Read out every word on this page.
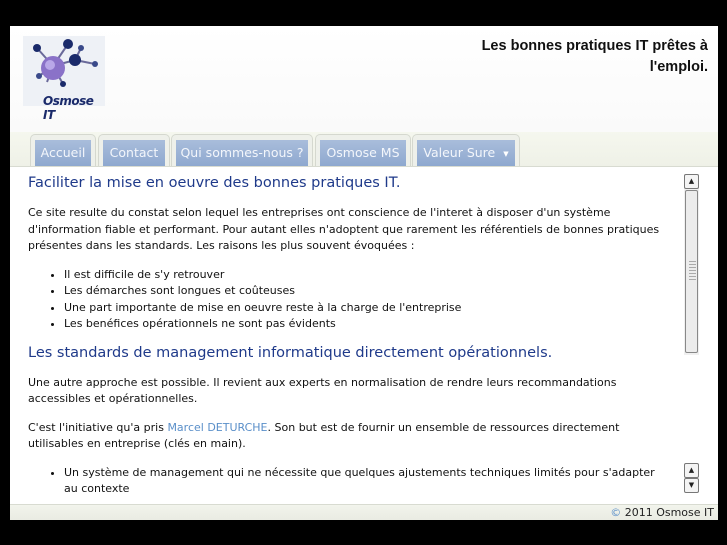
Osmose IT
Les bonnes pratiques IT prêtes à
l'emploi.
Accueil	Contact	Qui sommes-nous ?	Osmose MS	Valeur Sure ▼
Faciliter la mise en oeuvre des bonnes pratiques IT.

Ce site resulte du constat selon lequel les entreprises ont conscience de l'interet à disposer d'un système d'information fiable et performant. Pour autant elles n'adoptent que rarement les référentiels de bonnes pratiques présentes dans les standards. Les raisons les plus souvent évoquées :

• Il est difficile de s'y retrouver
• Les démarches sont longues et coûteuses
• Une part importante de mise en oeuvre reste à la charge de l'entreprise
• Les benéfices opérationnels ne sont pas évidents
Les standards de management informatique directement opérationnels.

Une autre approche est possible. Il revient aux experts en normalisation de rendre leurs recommandations accessibles et opérationnelles.

C'est l'initiative qu'a pris Marcel DETURCHE. Son but est de fournir un ensemble de ressources directement utilisables en entreprise (clés en main).

• Un système de management qui ne nécessite que quelques ajustements techniques limités pour s'adapter au contexte
▲
▲
▼
© 2011 Osmose IT
